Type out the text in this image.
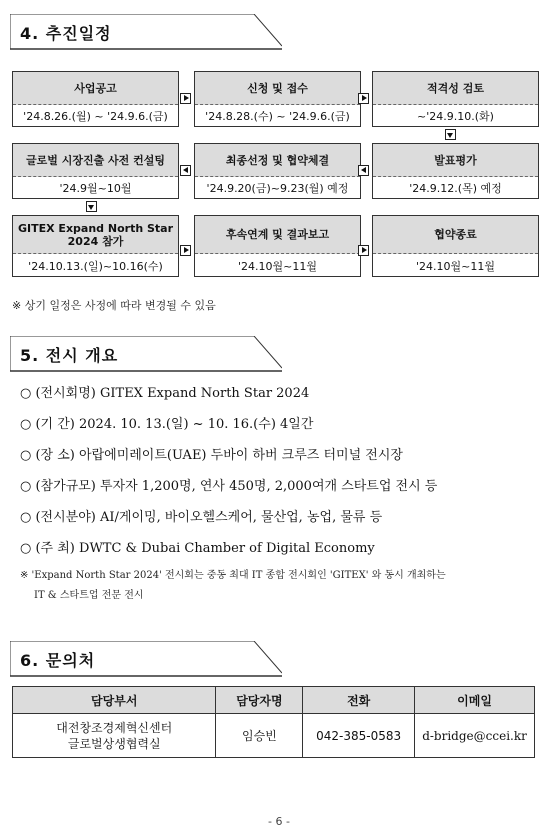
4. 추진일정
사업공고
'24.8.26.(월) ~ '24.9.6.(금)
신청 및 접수
'24.8.28.(수) ~ '24.9.6.(금)
적격성 검토
~'24.9.10.(화)
글로벌 시장진출 사전 컨설팅
'24.9월~10월
최종선정 및 협약체결
'24.9.20(금)~9.23(월) 예정
발표평가
'24.9.12.(목) 예정
GITEX Expand North Star 2024 참가
'24.10.13.(일)~10.16(수)
후속연계 및 결과보고
'24.10월~11월
협약종료
'24.10월~11월
※ 상기 일정은 사정에 따라 변경될 수 있음
5. 전시 개요
○ (전시회명) GITEX Expand North Star 2024
○ (기 간) 2024. 10. 13.(일) ~ 10. 16.(수) 4일간
○ (장 소) 아랍에미레이트(UAE) 두바이 하버 크루즈 터미널 전시장
○ (참가규모) 투자자 1,200명, 연사 450명, 2,000여개 스타트업 전시 등
○ (전시분야) AI/게이밍, 바이오헬스케어, 물산업, 농업, 물류 등
○ (주 최) DWTC & Dubai Chamber of Digital Economy
※ 'Expand North Star 2024' 전시회는 중동 최대 IT 종합 전시회인 'GITEX' 와 동시 개최하는
IT & 스타트업 전문 전시
6. 문의처
담당부서	담당자명	전화	이메일

대전창조경제혁신센터
글로벌상생협력실	임승빈	042-385-0583	d-bridge@ccei.kr
- 6 -
